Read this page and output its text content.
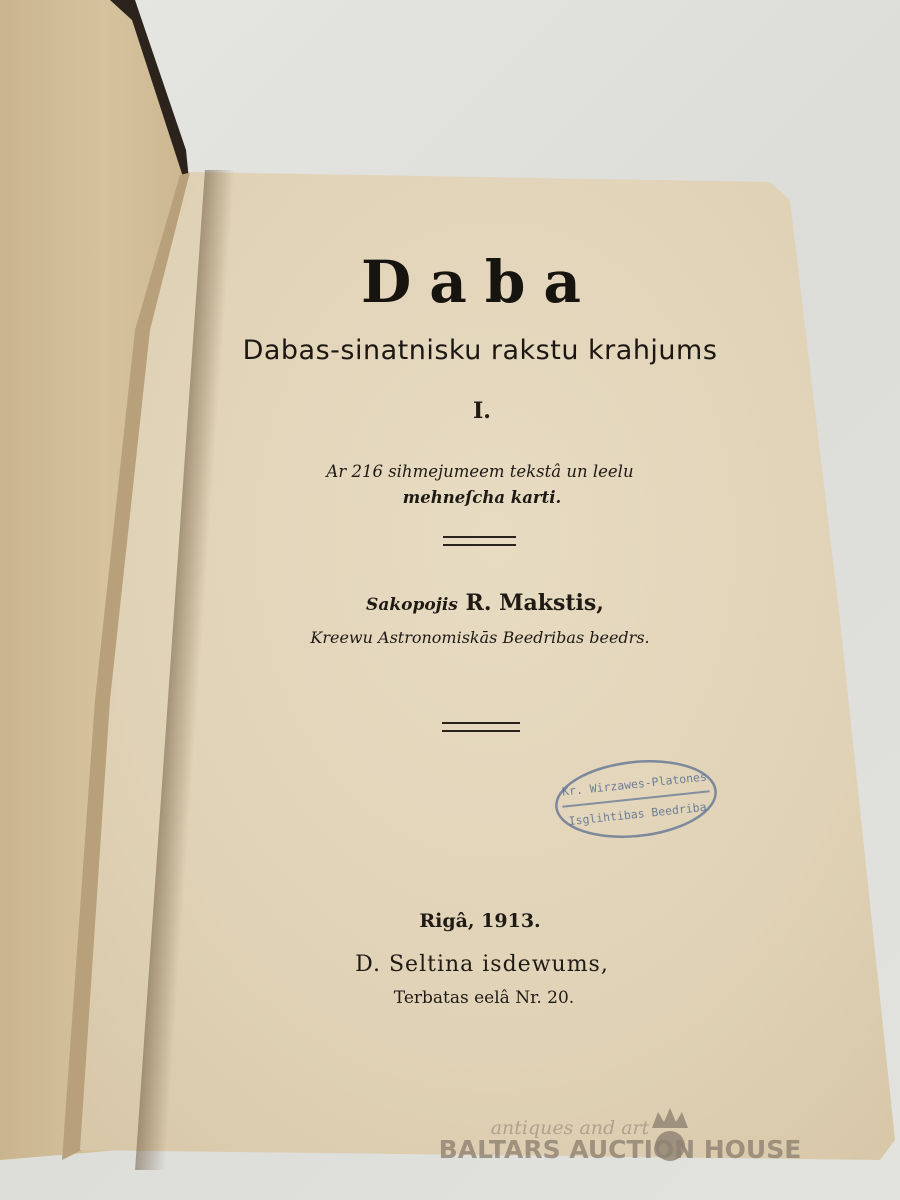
Daba
Dabas-sinatnisku rakstu krahjums
I.
Ar 216 sihmejumeem tekstâ un leelu
mehneſcha karti.
Sakopojis R. Makstis,
Kreewu Astronomiskās Beedribas beedrs.
Kr. Wirzawes-Platones
Isglihtibas Beedriba
Rigâ, 1913.
D. Seltina isdewums,
Terbatas eelâ Nr. 20.
antiques and art
BALTARS AUCTION HOUSE
